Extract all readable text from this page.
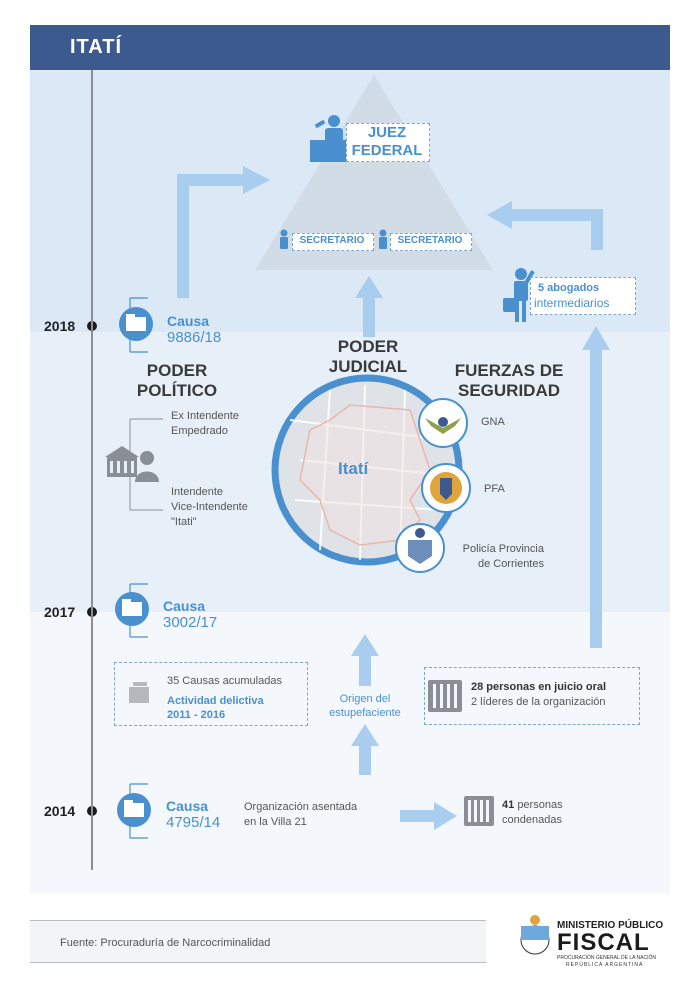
ITATÍ
JUEZ
FEDERAL
SECRETARIO	SECRETARIO
5 abogados
intermediarios
2018
2017
2014
Causa
9886/18
Causa
3002/17
Causa
4795/14
PODER
POLÍTICO
Ex Intendente
Empedrado
Intendente
Vice-Intendente
"Itati"
PODER
JUDICIAL	FUERZAS DE
SEGURIDAD
GNA
PFA
Policía Provincia
de Corrientes
Itatí
35 Causas acumuladas
Actividad delictiva
2011 - 2016
Origen del
estupefaciente
28 personas en juicio oral
2 líderes de la organización
Organización asentada
en la Villa 21
41 personas
condenadas
Fuente: Procuraduría de Narcocriminalidad
MINISTERIO PÚBLICO
FISCAL
PROCURACIÓN GENERAL DE LA NACIÓN
REPÚBLICA ARGENTINA
